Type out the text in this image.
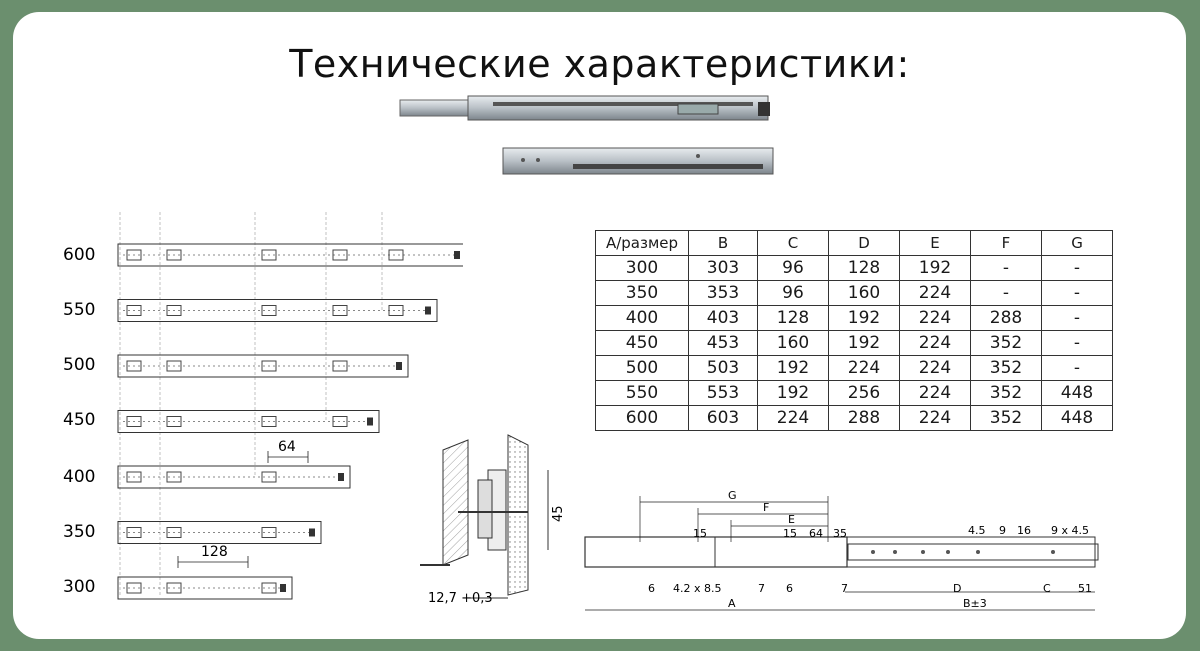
Технические характеристики:
600
550
500
450
400
350
300
64
128
45
12,7 +0,3
G
F
E
15	15 64 35	4.5 9 16 9 x 4.5
6 4.2 x 8.5	7 6	7	D	C 51
A	B±3
A/размер	B	C	D	E	F	G
300	303	96	128	192	-	-
350	353	96	160	224	-	-
400	403	128	192	224	288	-
450	453	160	192	224	352	-
500	503	192	224	224	352	-
550	553	192	256	224	352	448
600	603	224	288	224	352	448
